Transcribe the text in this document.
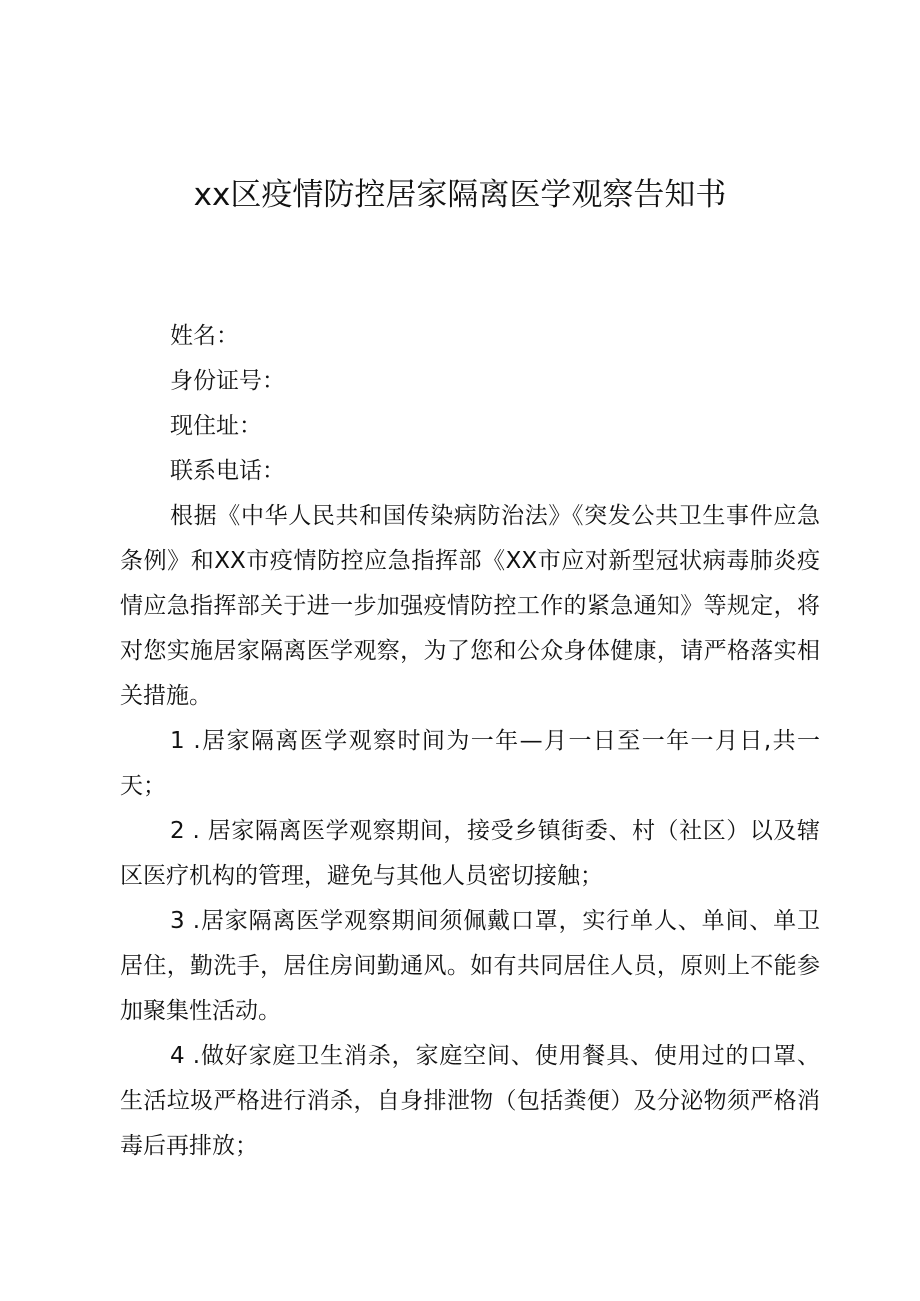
xx区疫情防控居家隔离医学观察告知书

姓名：

身份证号：

现住址：

联系电话：

根据《中华人民共和国传染病防治法》《突发公共卫生事件应急条例》和XX市疫情防控应急指挥部《XX市应对新型冠状病毒肺炎疫情应急指挥部关于进一步加强疫情防控工作的紧急通知》等规定，将对您实施居家隔离医学观察，为了您和公众身体健康，请严格落实相关措施。

1 .居家隔离医学观察时间为一年—月一日至一年一月日,共一天；

2 . 居家隔离医学观察期间，接受乡镇街委、村（社区）以及辖区医疗机构的管理，避免与其他人员密切接触；

3 .居家隔离医学观察期间须佩戴口罩，实行单人、单间、单卫居住，勤洗手，居住房间勤通风。如有共同居住人员，原则上不能参加聚集性活动。

4 .做好家庭卫生消杀，家庭空间、使用餐具、使用过的口罩、生活垃圾严格进行消杀，自身排泄物（包括粪便）及分泌物须严格消毒后再排放；
